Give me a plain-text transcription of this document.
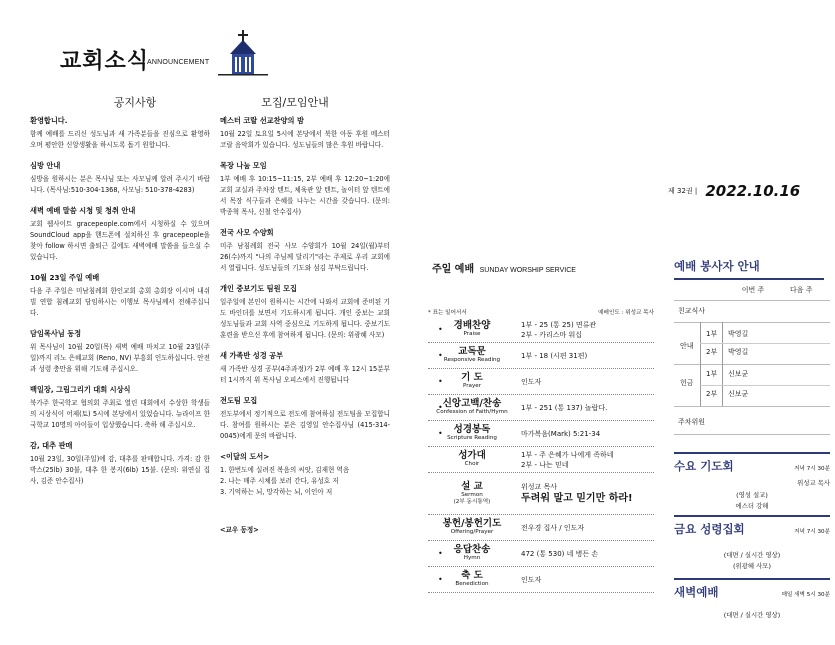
교회소식
ANNOUNCEMENT
공지사항
환영합니다.
함께 예배를 드리신 성도님과 새 가족분들을 진심으로 환영하오며 평안한 신앙생활을 하시도록 돕기 원합니다.
심방 안내
심방을 원하시는 분은 목사님 또는 사모님께 알려 주시기 바랍니다. (목사님:510-304-1368, 사모님: 510-378-4283)
새벽 예배 말씀 시청 및 청취 안내
교회 웹사이트 gracepeople.com에서 시청하실 수 있으며 SoundCloud app을 핸드폰에 설치하신 후 gracepeople을 찾아 follow 하시면 출퇴근 길에도 새벽예배 말씀을 들으실 수 있습니다.
10월 23일 주일 예배
다음 주 주일은 미남침례회 한인교회 총회 총회장 이시며 내쉬빌 연합 침례교회 담임하시는 이행보 목사님께서 전해주십니다.
담임목사님 동정
위 목사님이 10월 20일(목) 새벽 예배 마치고 10월 23일(주일)까지 리노 은혜교회 (Reno, NV) 부흥회 인도하십니다. 안전과 성령 충만을 위해 기도해 주십시오.
백일장, 그림그리기 대회 시상식
북가주 한국학교 협의회 주최로 열린 대회에서 수상한 학생들의 시상식이 어제(토) 5시에 본당에서 있었습니다. 뉴라이프 한국학교 10명의 아이들이 입상했습니다. 축하 해 주십시오.
감, 대추 판매
10월 23일, 30일(주일)에 감, 대추를 판매합니다. 가격: 감 한 박스(25lb) 30불, 대추 한 봉지(6lb) 15불. (문의: 위연실 집사, 김준 안수집사)
모집/모임안내
메스터 코랄 선교찬양의 밤
10월 22일 토요일 5시에 본당에서 북한 아동 후원 메스터코랄 음악회가 있습니다. 성도님들의 많은 후원 바랍니다.
목장 나눔 모임
1부 예배 후 10:15~11:15, 2부 예배 후 12:20~1:20에 교회 교실과 주차장 텐트, 체육관 앞 텐트, 놀이터 앞 텐트에서 목장 식구들과 은혜를 나누는 시간을 갖습니다. (문의: 박종혁 목사, 신철 안수집사)
전국 사모 수양회
미주 남침례회 전국 사모 수양회가 10월 24일(월)부터 26(수)까지 "나의 주님께 달리기"라는 주제로 우리 교회에서 열립니다. 성도님들의 기도와 섬김 부탁드립니다.
개인 중보기도 팀원 모집
일주일에 본인이 원하시는 시간에 나와서 교회에 준비된 기도 바인더를 보면서 기도하시게 됩니다. 개인 중보는 교회 성도님들과 교회 사역 중심으로 기도하게 됩니다. 중보기도 훈련을 받으신 후에 참여하게 됩니다. (문의: 위광혜 사모)
새 가족반 성경 공부
새 가족반 성경 공부(4주과정)가 2부 예배 후 12시 15분부터 1시까지 위 목사님 오피스에서 진행됩니다
전도팀 모집
전도부에서 정기적으로 전도에 참여하실 전도팀을 모집합니다. 참여를 원하시는 분은 김영일 안수집사님 (415-314-0045)에게 문의 바랍니다.
<이달의 도서>
1. 한번도에 실려진 복음의 씨앗, 김재현 역음
2. 나는 매주 시체를 보러 간다, 유성호 저
3. 기억하는 뇌, 망각하는 뇌, 이인아 저
<교우 동정>
제 32권 | 2022.10.16
주일 예배 SUNDAY WORSHIP SERVICE
* 표는 일어서서	예배인도 : 위성교 목사
•	경배찬양
Praise
1부 - 25 (통 25) 면류관
2부 - 카리스마 워십
•	교독문
Responsive Reading
1부 - 18 (시편 31편)
•	기 도
Prayer
인도자
• 신앙고백/찬송
Confession of Faith/Hymn
1부 - 251 (통 137) 놀랍다.
•	성경봉독
Scripture Reading
마가복음(Mark) 5:21-34
성가대
Choir
1부 - 주 은혜가 나에게 족하네
2부 - 나는 믿네
설 교
Sermon
(2부 동시통역)
위성교 목사
두려워 말고 믿기만 하라!
봉헌/봉헌기도
Offering/Prayer
전우경 집사 / 인도자
•	응답찬송
Hymn
472 (통 530) 네 병든 손
•	축 도
Benediction
인도자
예배 봉사자 안내
이번 주	다음 주
친교식사
안내
1부 박영길
2부 박영길
헌금
1부 신보균
2부 신보균
주차위원
수요 기도회	저녁 7시 30분
위성교 목사
(영성 설교)
에스더 강해
금요 성령집회	저녁 7시 30분
(대면 / 실시간 영상)
(위광혜 사모)
새벽예배	매일 새벽 5시 30분
(대면 / 실시간 영상)
